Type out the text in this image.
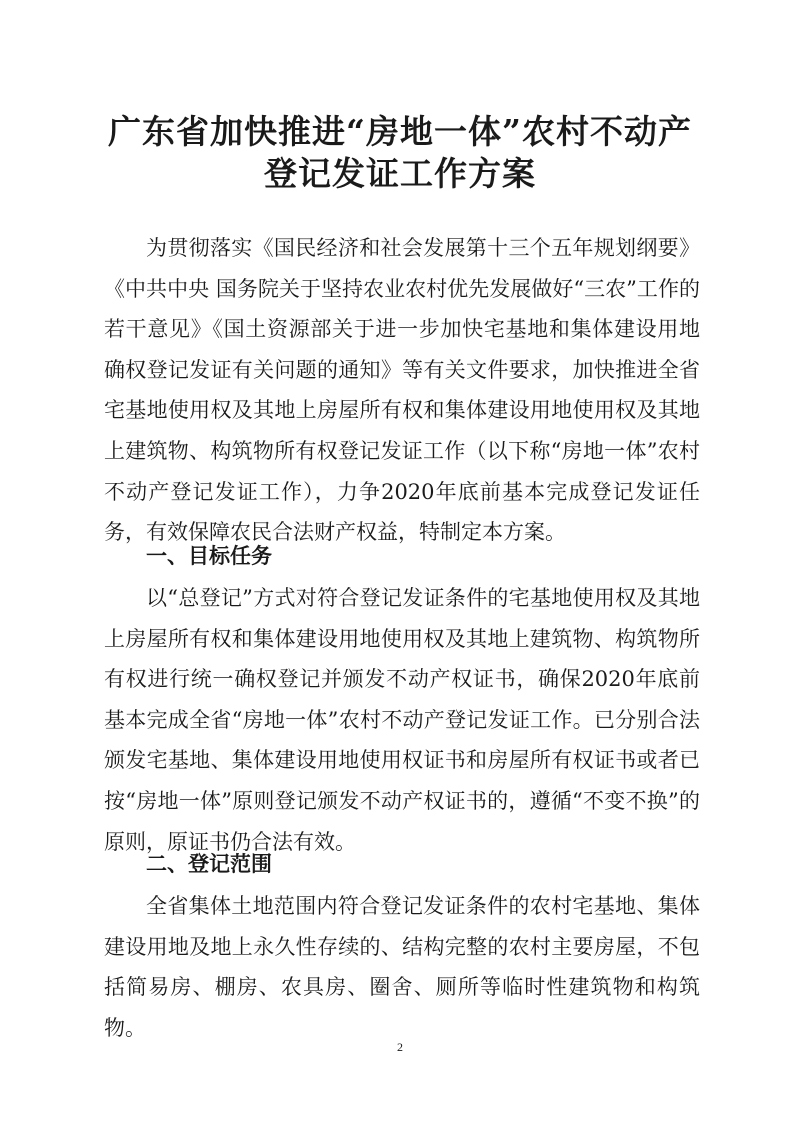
广东省加快推进“房地一体”农村不动产
登记发证工作方案

为贯彻落实《国民经济和社会发展第十三个五年规划纲要》《中共中央 国务院关于坚持农业农村优先发展做好“三农”工作的若干意见》《国土资源部关于进一步加快宅基地和集体建设用地确权登记发证有关问题的通知》等有关文件要求，加快推进全省宅基地使用权及其地上房屋所有权和集体建设用地使用权及其地上建筑物、构筑物所有权登记发证工作（以下称“房地一体”农村不动产登记发证工作），力争2020年底前基本完成登记发证任务，有效保障农民合法财产权益，特制定本方案。

一、目标任务

以“总登记”方式对符合登记发证条件的宅基地使用权及其地上房屋所有权和集体建设用地使用权及其地上建筑物、构筑物所有权进行统一确权登记并颁发不动产权证书，确保2020年底前基本完成全省“房地一体”农村不动产登记发证工作。已分别合法颁发宅基地、集体建设用地使用权证书和房屋所有权证书或者已按“房地一体”原则登记颁发不动产权证书的，遵循“不变不换”的原则，原证书仍合法有效。

二、登记范围

全省集体土地范围内符合登记发证条件的农村宅基地、集体建设用地及地上永久性存续的、结构完整的农村主要房屋，不包括简易房、棚房、农具房、圈舍、厕所等临时性建筑物和构筑物。

2
